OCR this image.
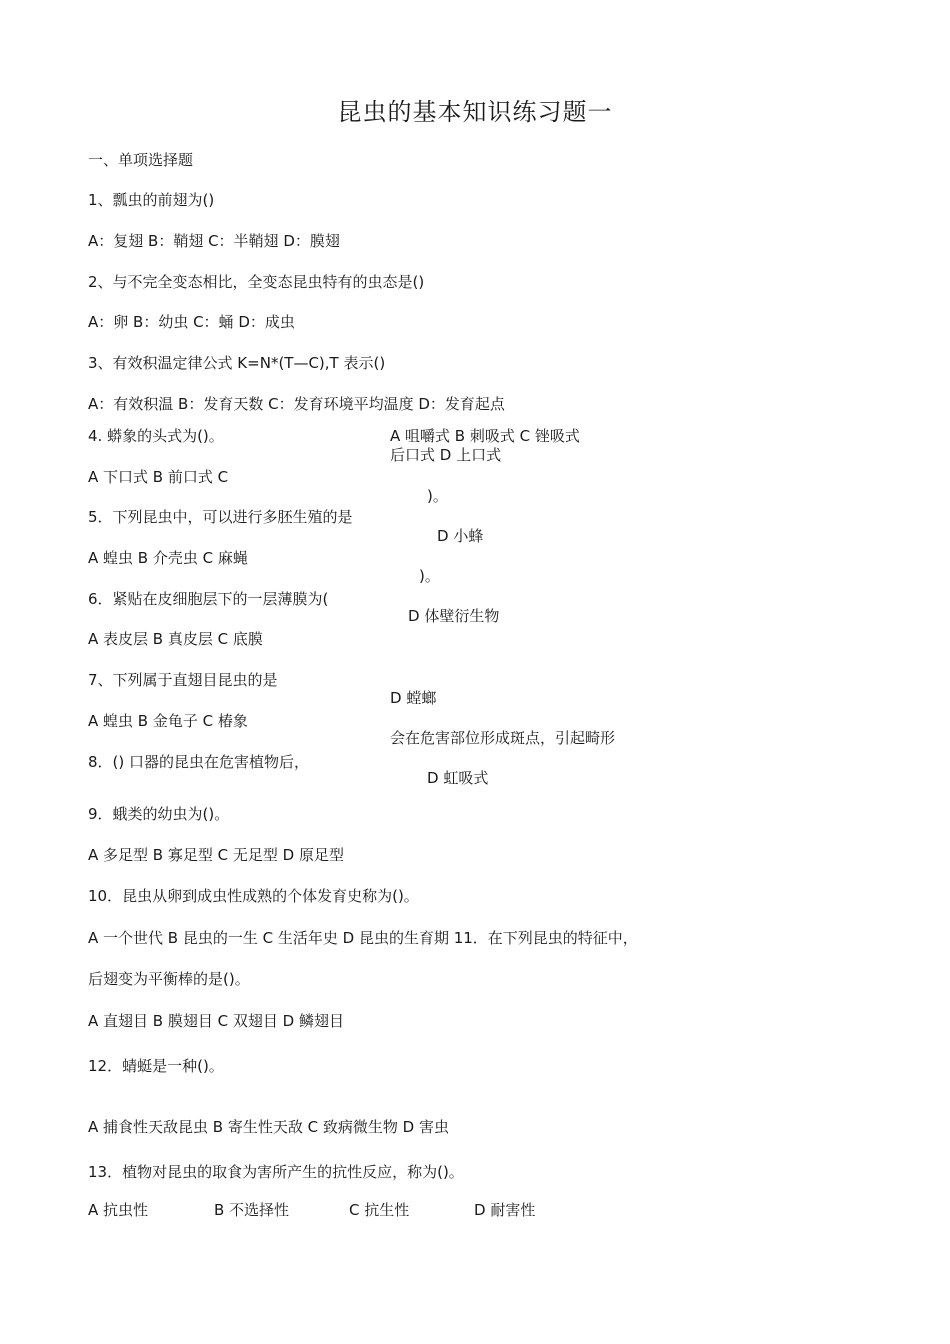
昆虫的基本知识练习题一
一、单项选择题
1、瓢虫的前翅为()
A：复翅 B：鞘翅 C：半鞘翅 D：膜翅
2、与不完全变态相比，全变态昆虫特有的虫态是()
A：卵 B：幼虫 C：蛹 D：成虫
3、有效积温定律公式 K=N*(T—C),T 表示()
A：有效积温 B：发育天数 C：发育环境平均温度 D：发育起点
4. 蟒象的头式为()。	A 咀嚼式 B 刺吸式 C 锉吸式
后口式 D 上口式
A 下口式 B 前口式 C
)。
5．下列昆虫中，可以进行多胚生殖的是
D 小蜂
A 蝗虫 B 介壳虫 C 麻蝇
)。
6．紧贴在皮细胞层下的一层薄膜为(
D 体壁衍生物
A 表皮层 B 真皮层 C 底膜
7、下列属于直翅目昆虫的是
D 螳螂
A 蝗虫 B 金龟子 C 椿象
会在危害部位形成斑点，引起畸形
8．() 口器的昆虫在危害植物后，
D 虹吸式
9．蛾类的幼虫为()。
A 多足型 B 寡足型 C 无足型 D 原足型
10．昆虫从卵到成虫性成熟的个体发育史称为()。
A 一个世代 B 昆虫的一生 C 生活年史 D 昆虫的生育期 11．在下列昆虫的特征中，
后翅变为平衡棒的是()。
A 直翅目 B 膜翅目 C 双翅目 D 鳞翅目
12．蜻蜓是一种()。
A 捕食性天敌昆虫 B 寄生性天敌 C 致病微生物 D 害虫
13．植物对昆虫的取食为害所产生的抗性反应，称为()。
A 抗虫性	B 不选择性	C 抗生性	D 耐害性
